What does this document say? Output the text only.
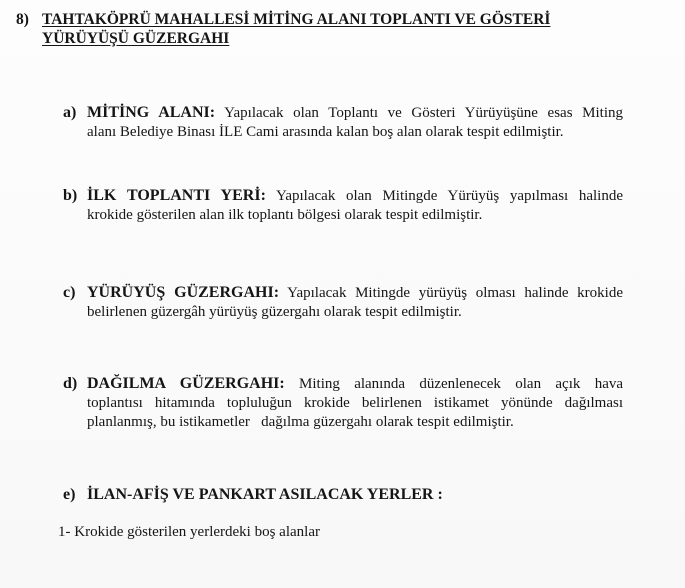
8) TAHTAKÖPRÜ MAHALLESİ MİTİNG ALANI TOPLANTI VE GÖSTERİ YÜRÜYÜŞÜ GÜZERGAHI
a) MİTİNG ALANI: Yapılacak olan Toplantı ve Gösteri Yürüyüşüne esas Miting
alanı Belediye Binası İLE Cami arasında kalan boş alan olarak tespit edilmiştir.
b) İLK TOPLANTI YERİ: Yapılacak olan Mitingde Yürüyüş yapılması halinde
krokide gösterilen alan ilk toplantı bölgesi olarak tespit edilmiştir.
c) YÜRÜYÜŞ GÜZERGAHI: Yapılacak Mitingde yürüyüş olması halinde krokide
belirlenen güzergâh yürüyüş güzergahı olarak tespit edilmiştir.
d) DAĞILMA GÜZERGAHI: Miting alanında düzenlenecek olan açık hava
toplantısı hitamında topluluğun krokide belirlenen istikamet yönünde dağılması
planlanmış, bu istikametler   dağılma güzergahı olarak tespit edilmiştir.
e) İLAN-AFİŞ VE PANKART ASILACAK YERLER :
1- Krokide gösterilen yerlerdeki boş alanlar
